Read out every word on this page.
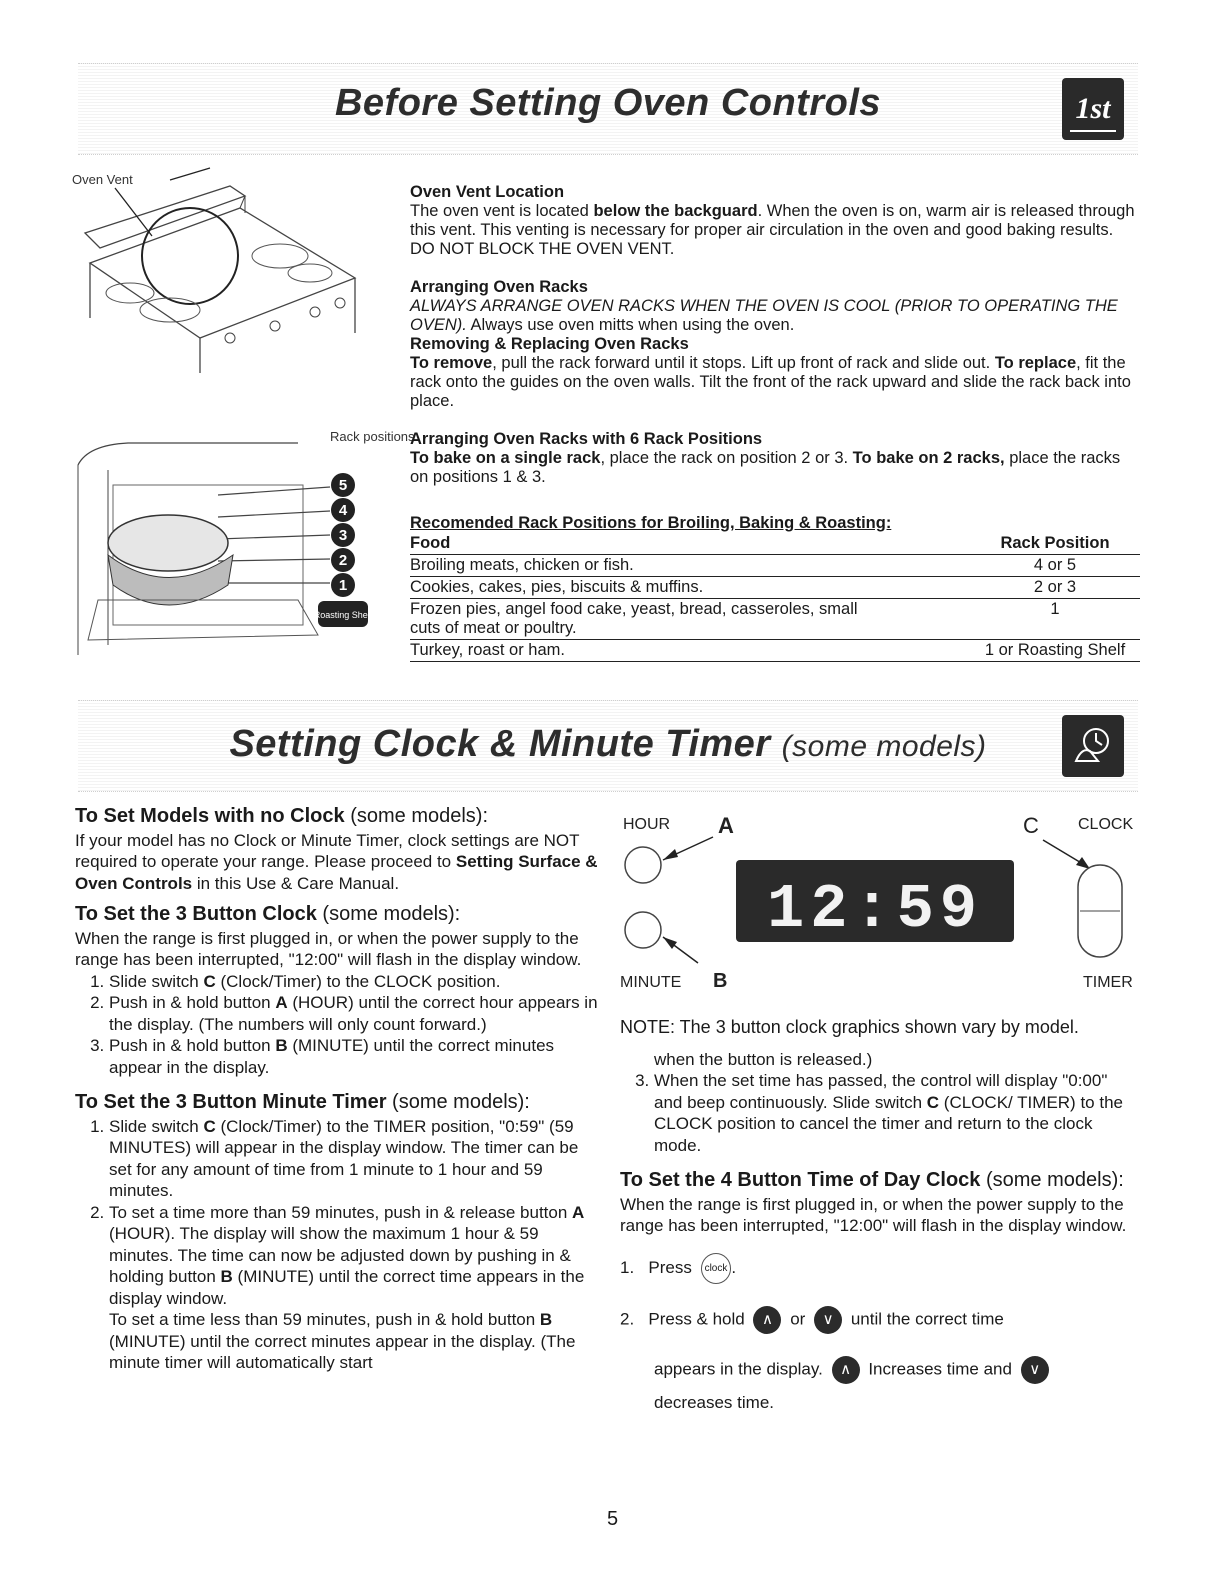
Before Setting Oven Controls	1st
Oven Vent
Rack positions
5
4
3
2
1
Roasting Shelf
Oven Vent Location

The oven vent is located below the backguard. When the oven is on, warm air is released through this vent. This venting is necessary for proper air circulation in the oven and good baking results. DO NOT BLOCK THE OVEN VENT.

Arranging Oven Racks

ALWAYS ARRANGE OVEN RACKS WHEN THE OVEN IS COOL (PRIOR TO OPERATING THE OVEN). Always use oven mitts when using the oven.

Removing & Replacing Oven Racks

To remove, pull the rack forward until it stops. Lift up front of rack and slide out. To replace, fit the rack onto the guides on the oven walls. Tilt the front of the rack upward and slide the rack back into place.

Arranging Oven Racks with 6 Rack Positions

To bake on a single rack, place the rack on position 2 or 3. To bake on 2 racks, place the racks on positions 1 & 3.

Recomended Rack Positions for Broiling, Baking & Roasting:
Food	Rack Position
Broiling meats, chicken or fish.	4 or 5
Cookies, cakes, pies, biscuits & muffins.	2 or 3
Frozen pies, angel food cake, yeast, bread, casseroles, small cuts of meat or poultry.	1
Turkey, roast or ham.	1 or Roasting Shelf
Setting Clock & Minute Timer (some models)
To Set Models with no Clock (some models):

If your model has no Clock or Minute Timer, clock settings are NOT required to operate your range. Please proceed to Setting Surface & Oven Controls in this Use & Care Manual.

To Set the 3 Button Clock (some models):

When the range is first plugged in, or when the power supply to the range has been interrupted, "12:00" will flash in the display window.

1. Slide switch C (Clock/Timer) to the CLOCK position.
2. Push in & hold button A (HOUR) until the correct hour appears in the display. (The numbers will only count forward.)
3. Push in & hold button B (MINUTE) until the correct minutes appear in the display.
To Set the 3 Button Minute Timer (some models):
1. Slide switch C (Clock/Timer) to the TIMER position, "0:59" (59 MINUTES) will appear in the display window. The timer can be set for any amount of time from 1 minute to 1 hour and 59 minutes.
2. To set a time more than 59 minutes, push in & release button A (HOUR). The display will show the maximum 1 hour & 59 minutes. The time can now be adjusted down by pushing in & holding button B (MINUTE) until the correct time appears in the display window.
To set a time less than 59 minutes, push in & hold button B (MINUTE) until the correct minutes appear in the display. (The minute timer will automatically start
HOUR A	C CLOCK
12:59
MINUTE B	TIMER

NOTE: The 3 button clock graphics shown vary by model.

when the button is released.)

3. When the set time has passed, the control will display "0:00" and beep continuously. Slide switch C (CLOCK/ TIMER) to the CLOCK position to cancel the timer and return to the clock mode.
To Set the 4 Button Time of Day Clock (some models):

When the range is first plugged in, or when the power supply to the range has been interrupted, "12:00" will flash in the display window.

1.   Press clock .
2.   Press & hold ∧ or ∨ until the correct time
appears in the display. ∧ Increases time and ∨
decreases time.
5
